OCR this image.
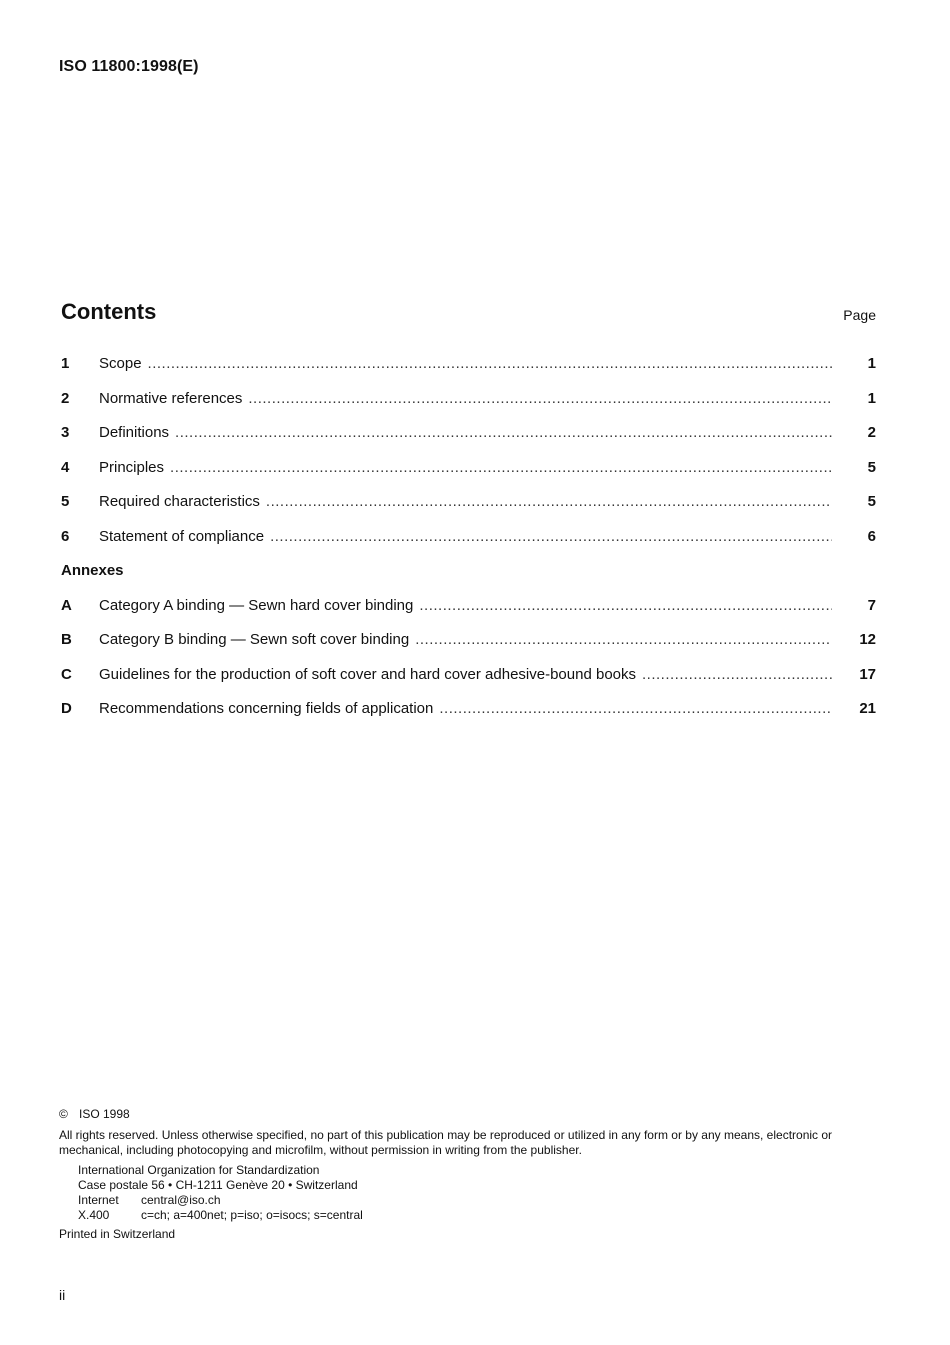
ISO 11800:1998(E)
Contents	Page
1	Scope .....	1
2	Normative references .....	1
3	Definitions .....	2
4	Principles .....	5
5	Required characteristics .....	5
6	Statement of compliance .....	6
Annexes
A	Category A binding — Sewn hard cover binding .....	7
B	Category B binding — Sewn soft cover binding .....	12
C	Guidelines for the production of soft cover and hard cover adhesive-bound books .....	17
D	Recommendations concerning fields of application .....	21
© ISO 1998
All rights reserved. Unless otherwise specified, no part of this publication may be reproduced or utilized in any form or by any means, electronic or mechanical, including photocopying and microfilm, without permission in writing from the publisher.
International Organization for Standardization
Case postale 56 • CH-1211 Genève 20 • Switzerland
Internet central@iso.ch
X.400	c=ch; a=400net; p=iso; o=isocs; s=central
Printed in Switzerland
ii
